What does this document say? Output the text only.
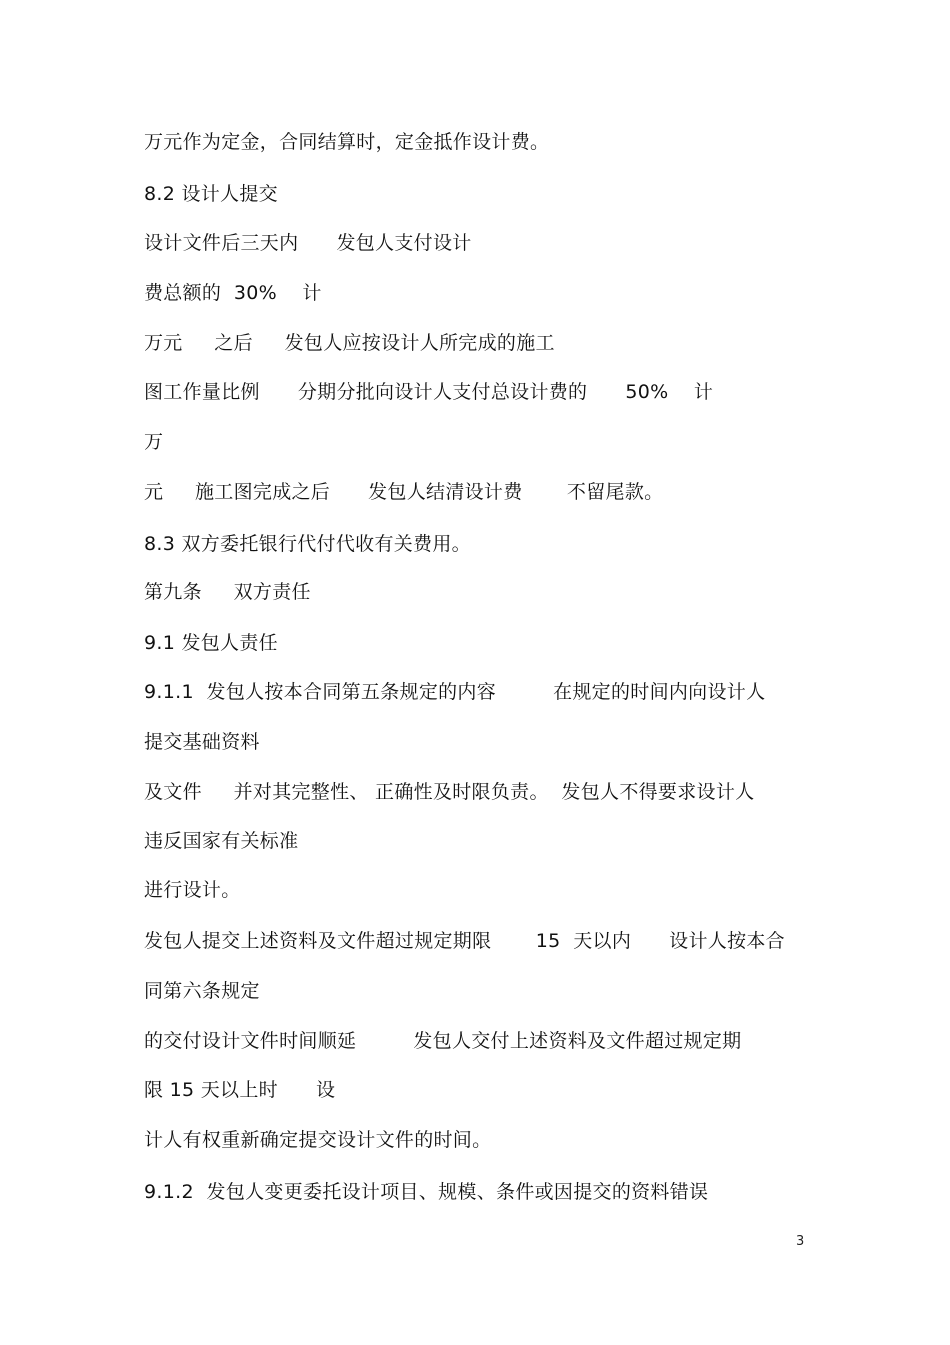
万元作为定金，合同结算时，定金抵作设计费。
8.2 设计人提交
设计文件后三天内      发包人支付设计
费总额的  30%    计
万元     之后     发包人应按设计人所完成的施工
图工作量比例      分期分批向设计人支付总设计费的      50%    计
万
元     施工图完成之后      发包人结清设计费       不留尾款。
8.3 双方委托银行代付代收有关费用。
第九条     双方责任
9.1 发包人责任
9.1.1  发包人按本合同第五条规定的内容         在规定的时间内向设计人
提交基础资料
及文件     并对其完整性、 正确性及时限负责。  发包人不得要求设计人
违反国家有关标准
进行设计。
发包人提交上述资料及文件超过规定期限       15  天以内      设计人按本合
同第六条规定
的交付设计文件时间顺延         发包人交付上述资料及文件超过规定期
限 15 天以上时      设
计人有权重新确定提交设计文件的时间。
9.1.2  发包人变更委托设计项目、规模、条件或因提交的资料错误
3
